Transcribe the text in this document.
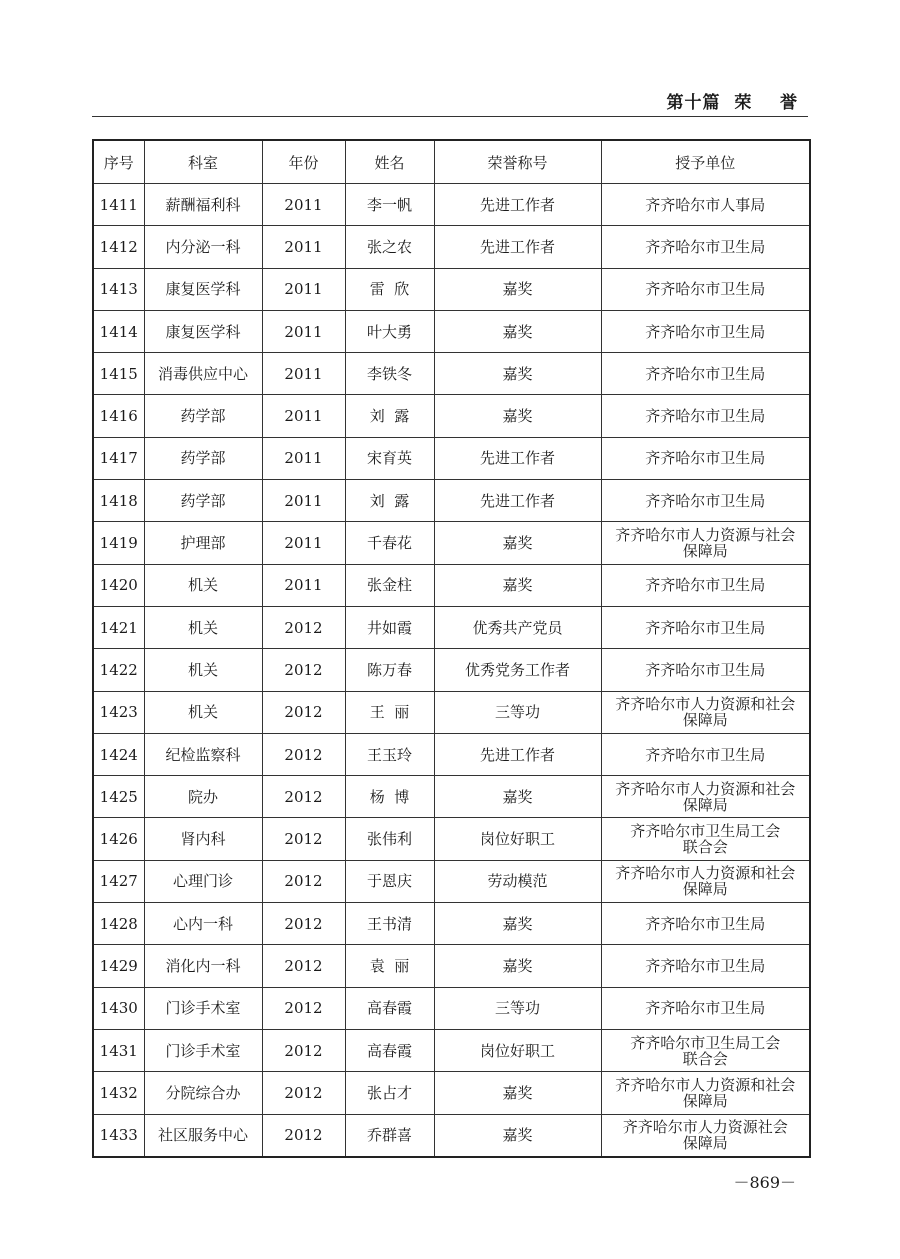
第十篇  荣    誉
序号	科室	年份	姓名	荣誉称号	授予单位
1411	薪酬福利科	2011	李一帆	先进工作者	齐齐哈尔市人事局
1412	内分泌一科	2011	张之农	先进工作者	齐齐哈尔市卫生局
1413	康复医学科	2011	雷  欣	嘉奖	齐齐哈尔市卫生局
1414	康复医学科	2011	叶大勇	嘉奖	齐齐哈尔市卫生局
1415	消毒供应中心	2011	李铁冬	嘉奖	齐齐哈尔市卫生局
1416	药学部	2011	刘  露	嘉奖	齐齐哈尔市卫生局
1417	药学部	2011	宋育英	先进工作者	齐齐哈尔市卫生局
1418	药学部	2011	刘  露	先进工作者	齐齐哈尔市卫生局
1419	护理部	2011	千春花	嘉奖	齐齐哈尔市人力资源与社会
保障局
1420	机关	2011	张金柱	嘉奖	齐齐哈尔市卫生局
1421	机关	2012	井如霞	优秀共产党员	齐齐哈尔市卫生局
1422	机关	2012	陈万春	优秀党务工作者	齐齐哈尔市卫生局
1423	机关	2012	王  丽	三等功	齐齐哈尔市人力资源和社会
保障局
1424	纪检监察科	2012	王玉玲	先进工作者	齐齐哈尔市卫生局
1425	院办	2012	杨  博	嘉奖	齐齐哈尔市人力资源和社会
保障局
1426	肾内科	2012	张伟利	岗位好职工	齐齐哈尔市卫生局工会
联合会
1427	心理门诊	2012	于恩庆	劳动模范	齐齐哈尔市人力资源和社会
保障局
1428	心内一科	2012	王书清	嘉奖	齐齐哈尔市卫生局
1429	消化内一科	2012	袁  丽	嘉奖	齐齐哈尔市卫生局
1430	门诊手术室	2012	高春霞	三等功	齐齐哈尔市卫生局
1431	门诊手术室	2012	高春霞	岗位好职工	齐齐哈尔市卫生局工会
联合会
1432	分院综合办	2012	张占才	嘉奖	齐齐哈尔市人力资源和社会
保障局
1433	社区服务中心	2012	乔群喜	嘉奖	齐齐哈尔市人力资源社会
保障局
－869－
